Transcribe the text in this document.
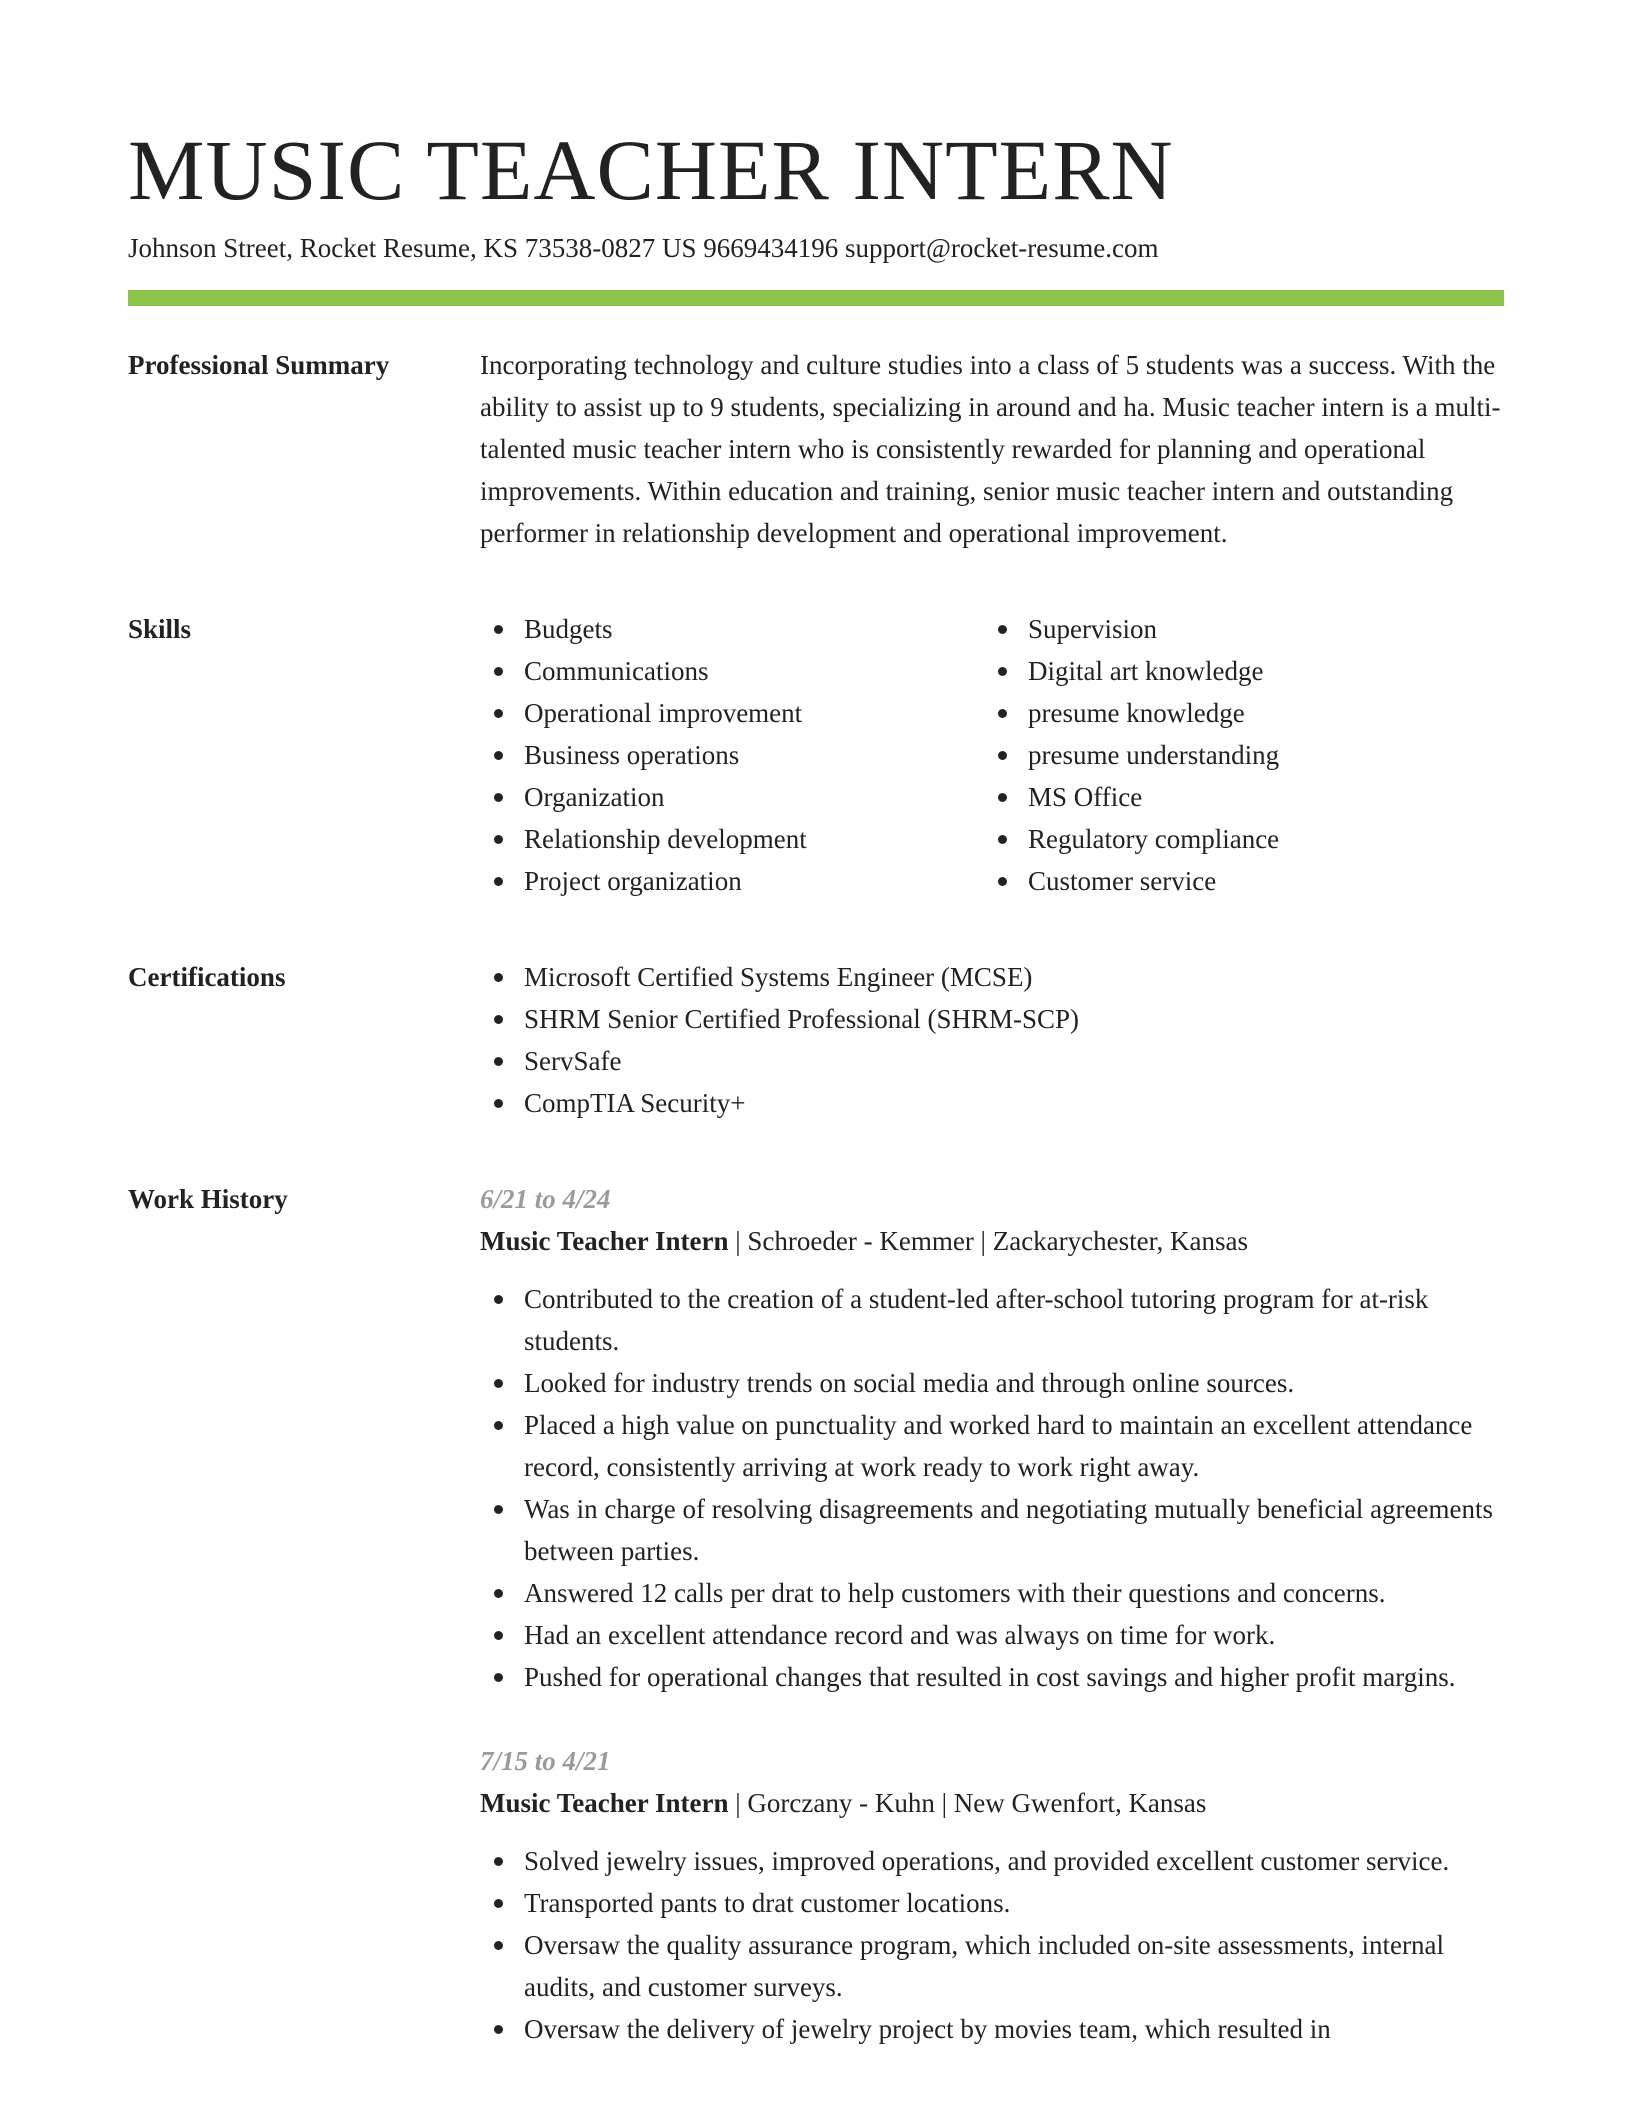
MUSIC TEACHER INTERN
Johnson Street, Rocket Resume, KS 73538-0827 US 9669434196 support@rocket-resume.com
Professional Summary	Incorporating technology and culture studies into a class of 5 students was a success. With the ability to assist up to 9 students, specializing in around and ha. Music teacher intern is a multi-talented music teacher intern who is consistently rewarded for planning and operational improvements. Within education and training, senior music teacher intern and outstanding performer in relationship development and operational improvement.

Skills	Budgets
Communications
Operational improvement
Business operations
Organization
Relationship development
Project organization
Supervision
Digital art knowledge
presume knowledge
presume understanding
MS Office
Regulatory compliance
Customer service
Certifications	Microsoft Certified Systems Engineer (MCSE)
SHRM Senior Certified Professional (SHRM-SCP)
ServSafe
CompTIA Security+
Work History	6/21 to 4/24
Music Teacher Intern | Schroeder - Kemmer | Zackarychester, Kansas
Contributed to the creation of a student-led after-school tutoring program for at-risk students.
Looked for industry trends on social media and through online sources.
Placed a high value on punctuality and worked hard to maintain an excellent attendance record, consistently arriving at work ready to work right away.
Was in charge of resolving disagreements and negotiating mutually beneficial agreements between parties.
Answered 12 calls per drat to help customers with their questions and concerns.
Had an excellent attendance record and was always on time for work.
Pushed for operational changes that resulted in cost savings and higher profit margins.
7/15 to 4/21
Music Teacher Intern | Gorczany - Kuhn | New Gwenfort, Kansas
Solved jewelry issues, improved operations, and provided excellent customer service.
Transported pants to drat customer locations.
Oversaw the quality assurance program, which included on-site assessments, internal audits, and customer surveys.
Oversaw the delivery of jewelry project by movies team, which resulted in
